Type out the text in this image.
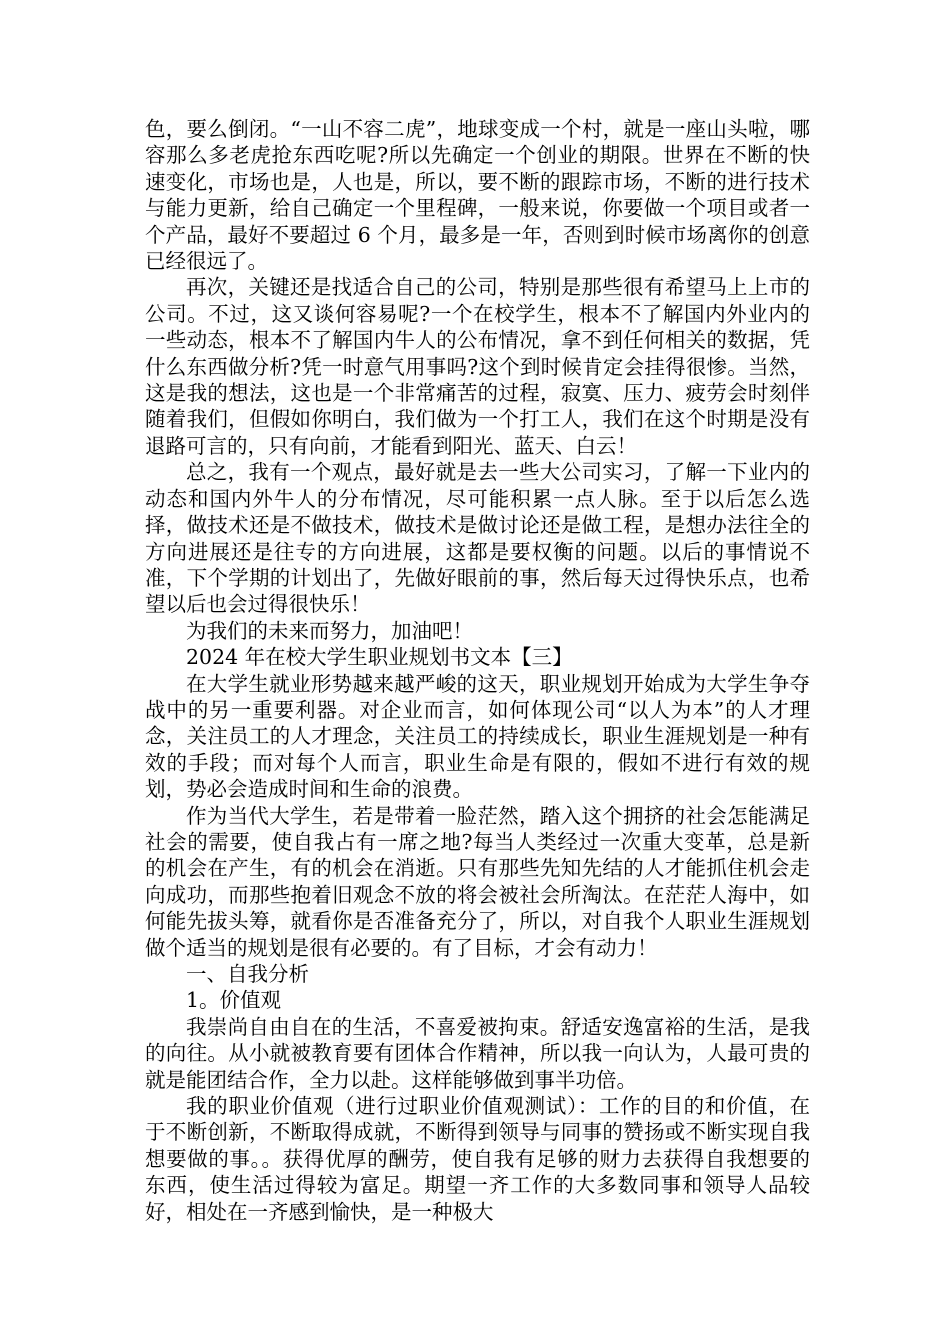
色，要么倒闭。“一山不容二虎”，地球变成一个村，就是一座山头啦，哪容那么多老虎抢东西吃呢?所以先确定一个创业的期限。世界在不断的快速变化，市场也是，人也是，所以，要不断的跟踪市场，不断的进行技术与能力更新，给自己确定一个里程碑，一般来说，你要做一个项目或者一个产品，最好不要超过 6 个月，最多是一年，否则到时候市场离你的创意已经很远了。

再次，关键还是找适合自己的公司，特别是那些很有希望马上上市的公司。不过，这又谈何容易呢?一个在校学生，根本不了解国内外业内的一些动态，根本不了解国内牛人的公布情况，拿不到任何相关的数据，凭什么东西做分析?凭一时意气用事吗?这个到时候肯定会挂得很惨。当然，这是我的想法，这也是一个非常痛苦的过程，寂寞、压力、疲劳会时刻伴随着我们，但假如你明白，我们做为一个打工人，我们在这个时期是没有退路可言的，只有向前，才能看到阳光、蓝天、白云！

总之，我有一个观点，最好就是去一些大公司实习，了解一下业内的动态和国内外牛人的分布情况，尽可能积累一点人脉。至于以后怎么选择，做技术还是不做技术，做技术是做讨论还是做工程，是想办法往全的方向进展还是往专的方向进展，这都是要权衡的问题。以后的事情说不准，下个学期的计划出了，先做好眼前的事，然后每天过得快乐点，也希望以后也会过得很快乐！

为我们的未来而努力，加油吧！

2024 年在校大学生职业规划书文本【三】

在大学生就业形势越来越严峻的这天，职业规划开始成为大学生争夺战中的另一重要利器。对企业而言，如何体现公司“以人为本”的人才理念，关注员工的人才理念，关注员工的持续成长，职业生涯规划是一种有效的手段；而对每个人而言，职业生命是有限的，假如不进行有效的规划，势必会造成时间和生命的浪费。

作为当代大学生，若是带着一脸茫然，踏入这个拥挤的社会怎能满足社会的需要，使自我占有一席之地?每当人类经过一次重大变革，总是新的机会在产生，有的机会在消逝。只有那些先知先结的人才能抓住机会走向成功，而那些抱着旧观念不放的将会被社会所淘汰。在茫茫人海中，如何能先拔头筹，就看你是否准备充分了，所以，对自我个人职业生涯规划做个适当的规划是很有必要的。有了目标，才会有动力！

一、自我分析

1。价值观

我崇尚自由自在的生活，不喜爱被拘束。舒适安逸富裕的生活，是我的向往。从小就被教育要有团体合作精神，所以我一向认为，人最可贵的就是能团结合作，全力以赴。这样能够做到事半功倍。

我的职业价值观（进行过职业价值观测试）：工作的目的和价值，在于不断创新，不断取得成就，不断得到领导与同事的赞扬或不断实现自我想要做的事。。获得优厚的酬劳，使自我有足够的财力去获得自我想要的东西，使生活过得较为富足。期望一齐工作的大多数同事和领导人品较好，相处在一齐感到愉快，是一种极大
